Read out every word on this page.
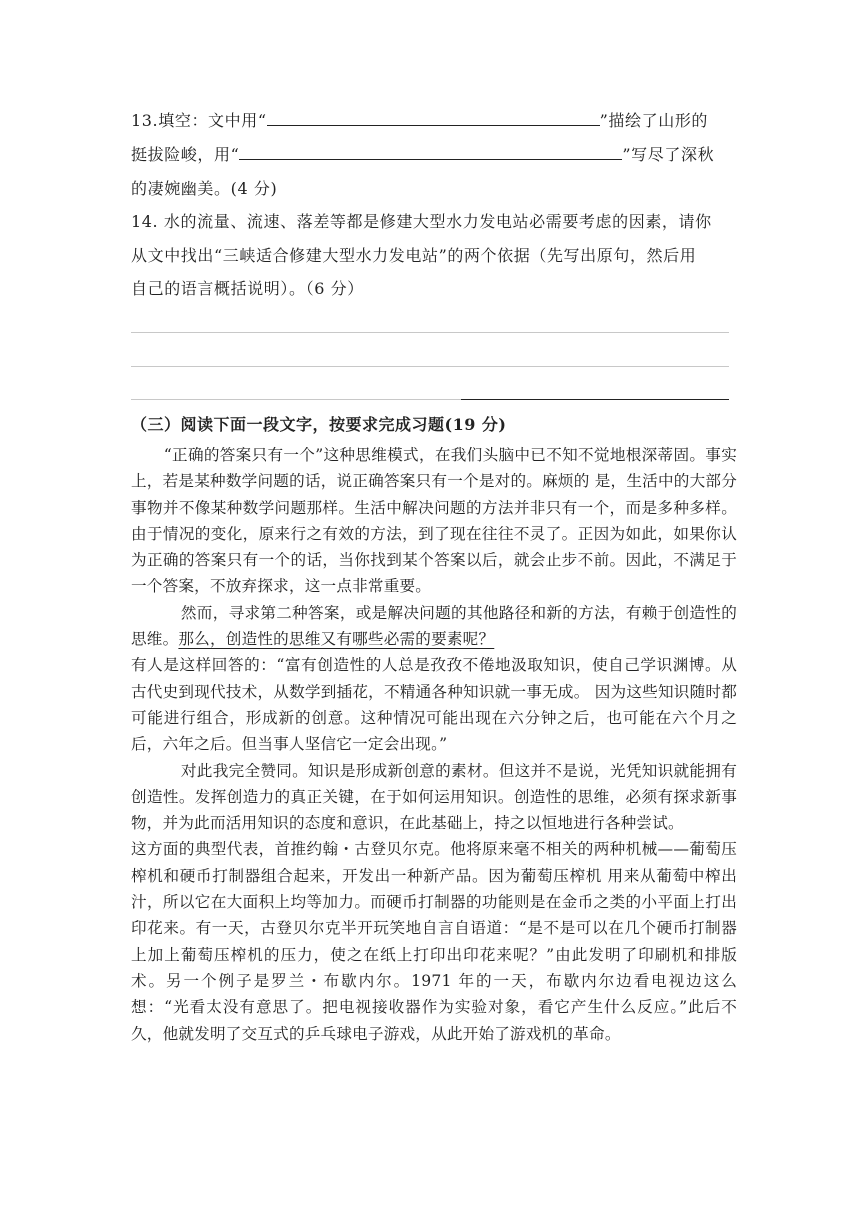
13.填空：文中用“	”描绘了山形的
挺拔险峻，用“	”写尽了深秋
的凄婉幽美。(4 分)
14. 水的流量、流速、落差等都是修建大型水力发电站必需要考虑的因素，请你
从文中找出“三峡适合修建大型水力发电站”的两个依据（先写出原句，然后用
自己的语言概括说明）。（6 分）
（三）阅读下面一段文字，按要求完成习题(19 分)

“正确的答案只有一个”这种思维模式，在我们头脑中已不知不觉地根深蒂固。事实上，若是某种数学问题的话，说正确答案只有一个是对的。麻烦的 是，生活中的大部分事物并不像某种数学问题那样。生活中解决问题的方法并非只有一个，而是多种多样。由于情况的变化，原来行之有效的方法，到了现在往往不灵了。正因为如此，如果你认为正确的答案只有一个的话，当你找到某个答案以后，就会止步不前。因此，不满足于一个答案，不放弃探求，这一点非常重要。

然而，寻求第二种答案，或是解决问题的其他路径和新的方法，有赖于创造性的思维。那么，创造性的思维又有哪些必需的要素呢？

有人是这样回答的：“富有创造性的人总是孜孜不倦地汲取知识，使自己学识渊博。从古代史到现代技术，从数学到插花，不精通各种知识就一事无成。 因为这些知识随时都可能进行组合，形成新的创意。这种情况可能出现在六分钟之后，也可能在六个月之后，六年之后。但当事人坚信它一定会出现。”

对此我完全赞同。知识是形成新创意的素材。但这并不是说，光凭知识就能拥有创造性。发挥创造力的真正关键，在于如何运用知识。创造性的思维，必须有探求新事物，并为此而活用知识的态度和意识，在此基础上，持之以恒地进行各种尝试。

这方面的典型代表，首推约翰・古登贝尔克。他将原来毫不相关的两种机械——葡萄压榨机和硬币打制器组合起来，开发出一种新产品。因为葡萄压榨机 用来从葡萄中榨出汁，所以它在大面积上均等加力。而硬币打制器的功能则是在金币之类的小平面上打出印花来。有一天，古登贝尔克半开玩笑地自言自语道：“是不是可以在几个硬币打制器上加上葡萄压榨机的压力，使之在纸上打印出印花来呢？”由此发明了印刷机和排版术。另一个例子是罗兰・布歇内尔。1971 年的一天，布歇内尔边看电视边这么想：“光看太没有意思了。把电视接收器作为实验对象，看它产生什么反应。”此后不久，他就发明了交互式的乒乓球电子游戏，从此开始了游戏机的革命。
